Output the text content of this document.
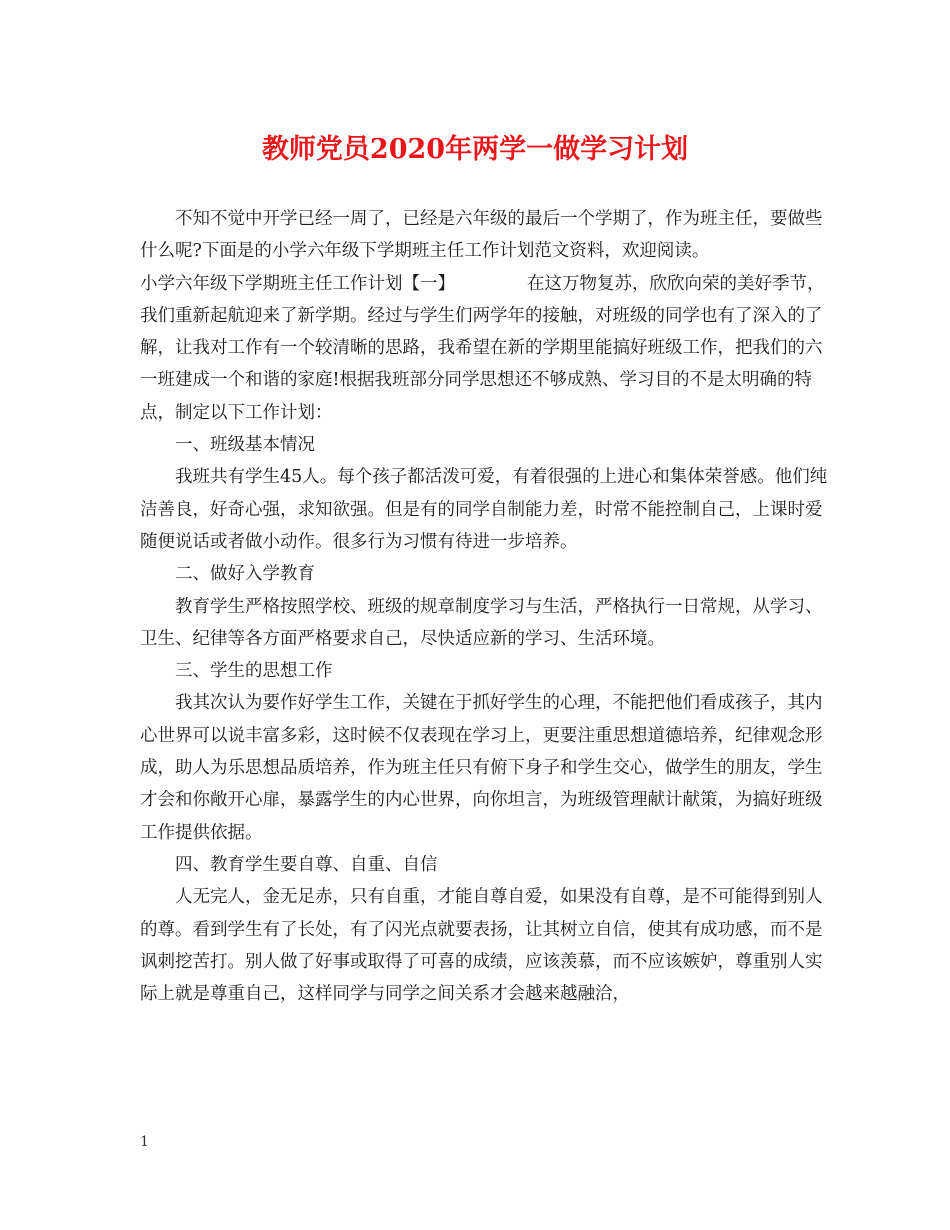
教师党员2020年两学一做学习计划

不知不觉中开学已经一周了，已经是六年级的最后一个学期了，作为班主任，要做些什么呢?下面是的小学六年级下学期班主任工作计划范文资料，欢迎阅读。

小学六年级下学期班主任工作计划【一】	在这万物复苏，欣欣向荣的美好季节，我们重新起航迎来了新学期。经过与学生们两学年的接触，对班级的同学也有了深入的了解，让我对工作有一个较清晰的思路，我希望在新的学期里能搞好班级工作，把我们的六一班建成一个和谐的家庭!根据我班部分同学思想还不够成熟、学习目的不是太明确的特点，制定以下工作计划：

一、班级基本情况

我班共有学生45人。每个孩子都活泼可爱，有着很强的上进心和集体荣誉感。他们纯洁善良，好奇心强，求知欲强。但是有的同学自制能力差，时常不能控制自己，上课时爱随便说话或者做小动作。很多行为习惯有待进一步培养。

二、做好入学教育

教育学生严格按照学校、班级的规章制度学习与生活，严格执行一日常规，从学习、卫生、纪律等各方面严格要求自己，尽快适应新的学习、生活环境。

三、学生的思想工作

我其次认为要作好学生工作，关键在于抓好学生的心理，不能把他们看成孩子，其内心世界可以说丰富多彩，这时候不仅表现在学习上，更要注重思想道德培养，纪律观念形成，助人为乐思想品质培养，作为班主任只有俯下身子和学生交心，做学生的朋友，学生才会和你敞开心扉，暴露学生的内心世界，向你坦言，为班级管理献计献策，为搞好班级工作提供依据。

四、教育学生要自尊、自重、自信

人无完人，金无足赤，只有自重，才能自尊自爱，如果没有自尊，是不可能得到别人的尊。看到学生有了长处，有了闪光点就要表扬，让其树立自信，使其有成功感，而不是讽刺挖苦打。别人做了好事或取得了可喜的成绩，应该羡慕，而不应该嫉妒，尊重别人实际上就是尊重自己，这样同学与同学之间关系才会越来越融洽，

1
